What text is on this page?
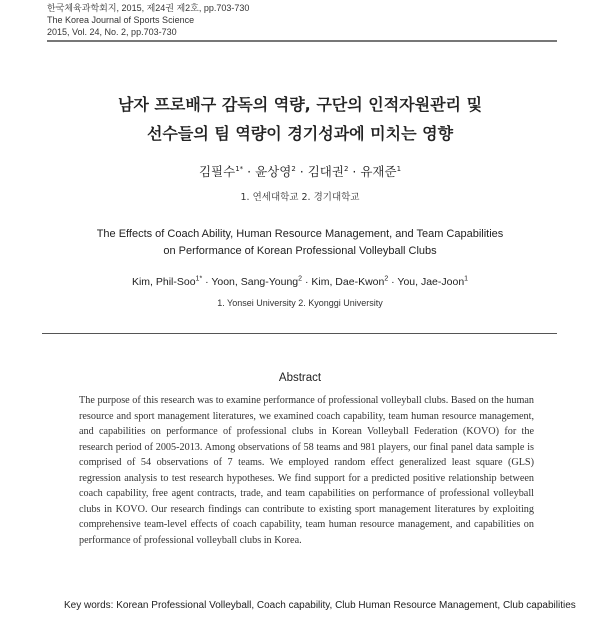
한국체육과학회지, 2015, 제24권 제2호, pp.703-730
The Korea Journal of Sports Science
2015, Vol. 24, No. 2, pp.703-730
남자 프로배구 감독의 역량, 구단의 인적자원관리 및
선수들의 팀 역량이 경기성과에 미치는 영향
김필수$^{1*}$ · 윤상영$^2$ · 김대권$^2$ · 유재준$^1$
1. 연세대학교 2. 경기대학교
The Effects of Coach Ability, Human Resource Management, and Team Capabilities
on Performance of Korean Professional Volleyball Clubs
Kim, Phil-Soo$^{1*}$ · Yoon, Sang-Young$^2$ · Kim, Dae-Kwon$^2$ · You, Jae-Joon$^1$
1. Yonsei University 2. Kyonggi University
Abstract

The purpose of this research was to examine performance of professional volleyball clubs. Based on the human resource and sport management literatures, we examined coach capability, team human resource management, and capabilities on performance of professional clubs in Korean Volleyball Federation (KOVO) for the research period of 2005-2013. Among observations of 58 teams and 981 players, our final panel data sample is comprised of 54 observations of 7 teams. We employed random effect generalized least square (GLS) regression analysis to test research hypotheses. We find support for a predicted positive relationship between coach capability, free agent contracts, trade, and team capabilities on performance of professional volleyball clubs in KOVO. Our research findings can contribute to existing sport management literatures by exploiting comprehensive team-level effects of coach capability, team human resource management, and capabilities on performance of professional volleyball clubs in Korea.

Key words: Korean Professional Volleyball, Coach capability, Club Human Resource Management, Club capabilities
